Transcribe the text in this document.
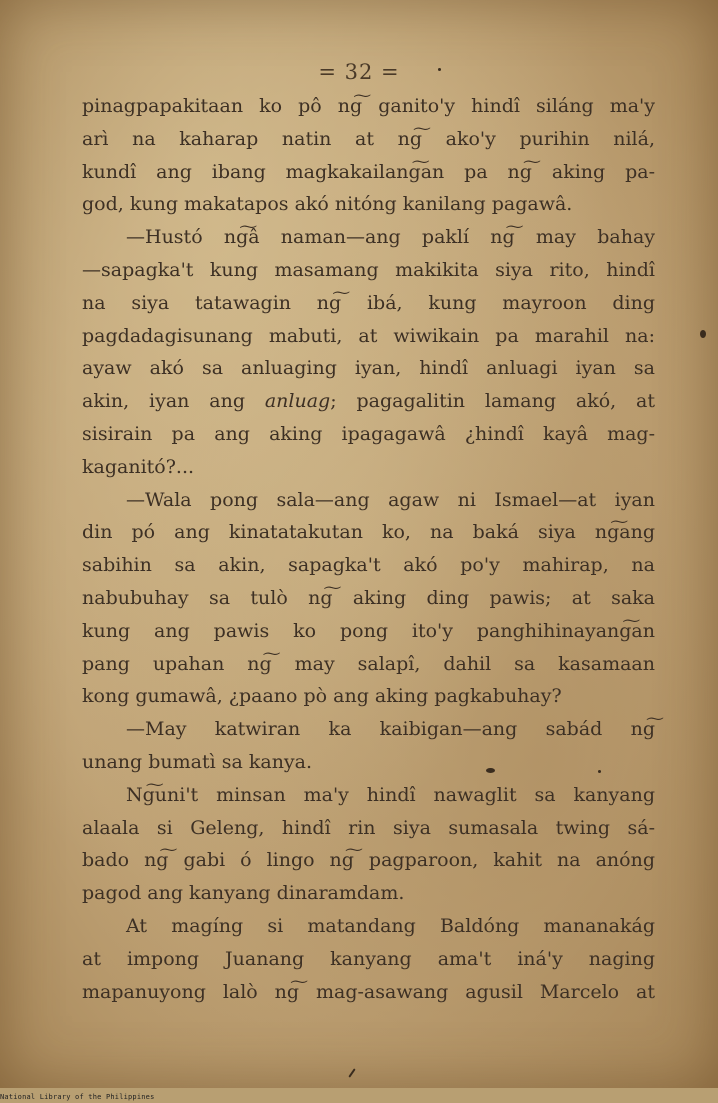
= 32 =
pinagpapakitaan ko pô ng͠ ganito'y hindî siláng ma'y
arì na kaharap natin at ng͠ ako'y purihin nilá,
kundî ang ibang magkakailang͠an pa ng͠ aking pa-
god, kung makatapos akó nitóng kanilang pagawâ.
—Hustó ng͠â naman—ang paklí ng͠ may bahay
—sapagka't kung masamang makikita siya rito, hindî
na siya tatawagin ng͠ ibá, kung mayroon ding
pagdadagisunang mabuti, at wiwikain pa marahil na:
ayaw akó sa anluaging iyan, hindî anluagi iyan sa
akin, iyan ang anluag; pagagalitin lamang akó, at
sisirain pa ang aking ipagagawâ ¿hindî kayâ mag-
kaganitó?...
—Wala pong sala—ang agaw ni Ismael—at iyan
din pó ang kinatatakutan ko, na baká siya ng͠ang
sabihin sa akin, sapagka't akó po'y mahirap, na
nabubuhay sa tulò ng͠ aking ding pawis; at saka
kung ang pawis ko pong ito'y panghihinayang͠an
pang upahan ng͠ may salapî, dahil sa kasamaan
kong gumawâ, ¿paano pò ang aking pagkabuhay?
—May katwiran ka kaibigan—ang sabád ng͠
unang bumatì sa kanya.
Ng͠uni't minsan ma'y hindî nawaglit sa kanyang
alaala si Geleng, hindî rin siya sumasala twing sá-
bado ng͠ gabi ó lingo ng͠ pagparoon, kahit na anóng
pagod ang kanyang dinaramdam.
At magíng si matandang Baldóng mananakág
at impong Juanang kanyang ama't iná'y naging
mapanuyong lalò ng͠ mag-asawang agusil Marcelo at
National Library of the Philippines
